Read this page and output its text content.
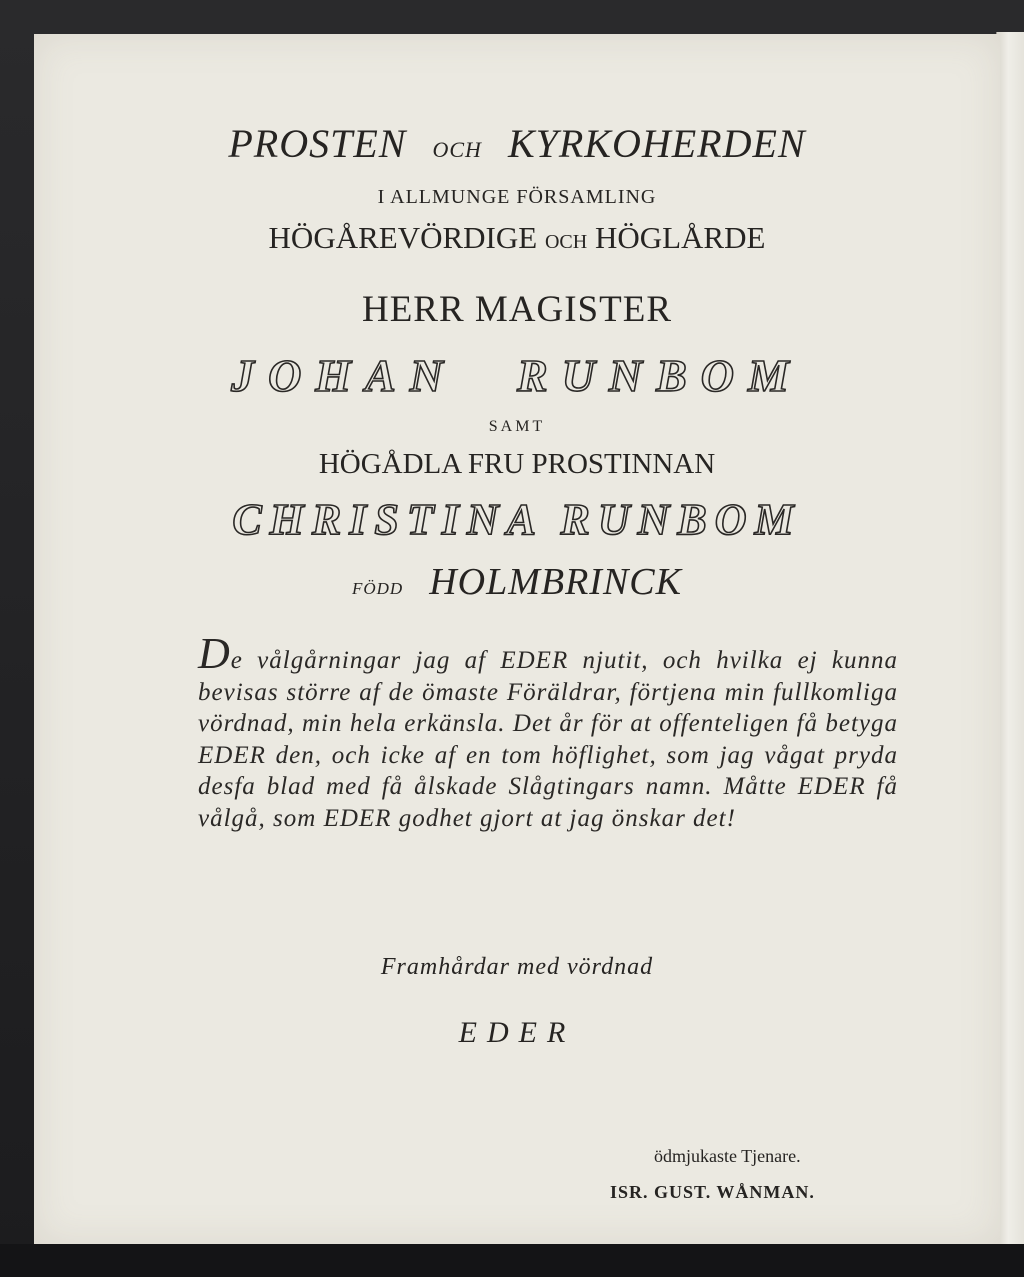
PROSTEN OCH KYRKOHERDEN
I ALLMUNGE FÖRSAMLING
HÖGÅREVÖRDIGE OCH HÖGLÅRDE
HERR MAGISTER
JOHAN RUNBOM
SAMT
HÖGÅDLA FRU PROSTINNAN
CHRISTINA RUNBOM
FÖDD HOLMBRINCK
De vålgårningar jag af EDER njutit, och hvilka ej kunna bevisas större af de ömaste Föräldrar, förtjena min fullkomliga vördnad, min hela erkänsla. Det år för at offenteligen få betyga EDER den, och icke af en tom höflighet, som jag vågat pryda desfa blad med få ålskade Slågtingars namn. Måtte EDER få vålgå, som EDER godhet gjort at jag önskar det!
Framhårdar med vördnad
EDER
ödmjukaste Tjenare.
ISR. GUST. WÅNMAN.
